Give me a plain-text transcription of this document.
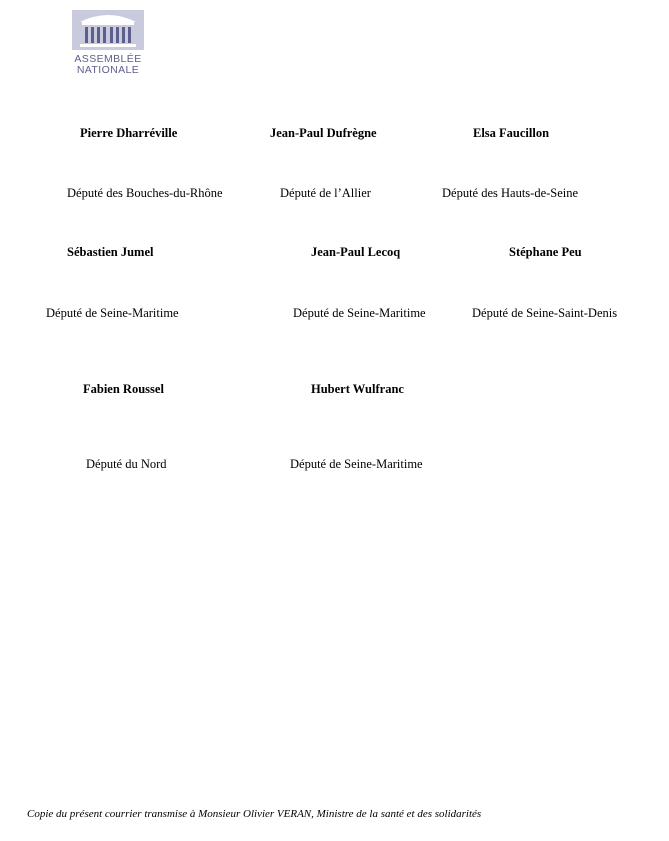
ASSEMBLÉE
NATIONALE
Pierre Dharréville	Jean-Paul Dufrègne	Elsa Faucillon
Député des Bouches-du-Rhône	Député de l’Allier	Député des Hauts-de-Seine
Sébastien Jumel	Jean-Paul Lecoq	Stéphane Peu
Député de Seine-Maritime	Député de Seine-Maritime	Député de Seine-Saint-Denis
Fabien Roussel	Hubert Wulfranc
Député du Nord	Député de Seine-Maritime
Copie du présent courrier transmise à Monsieur Olivier VERAN, Ministre de la santé et des solidarités
